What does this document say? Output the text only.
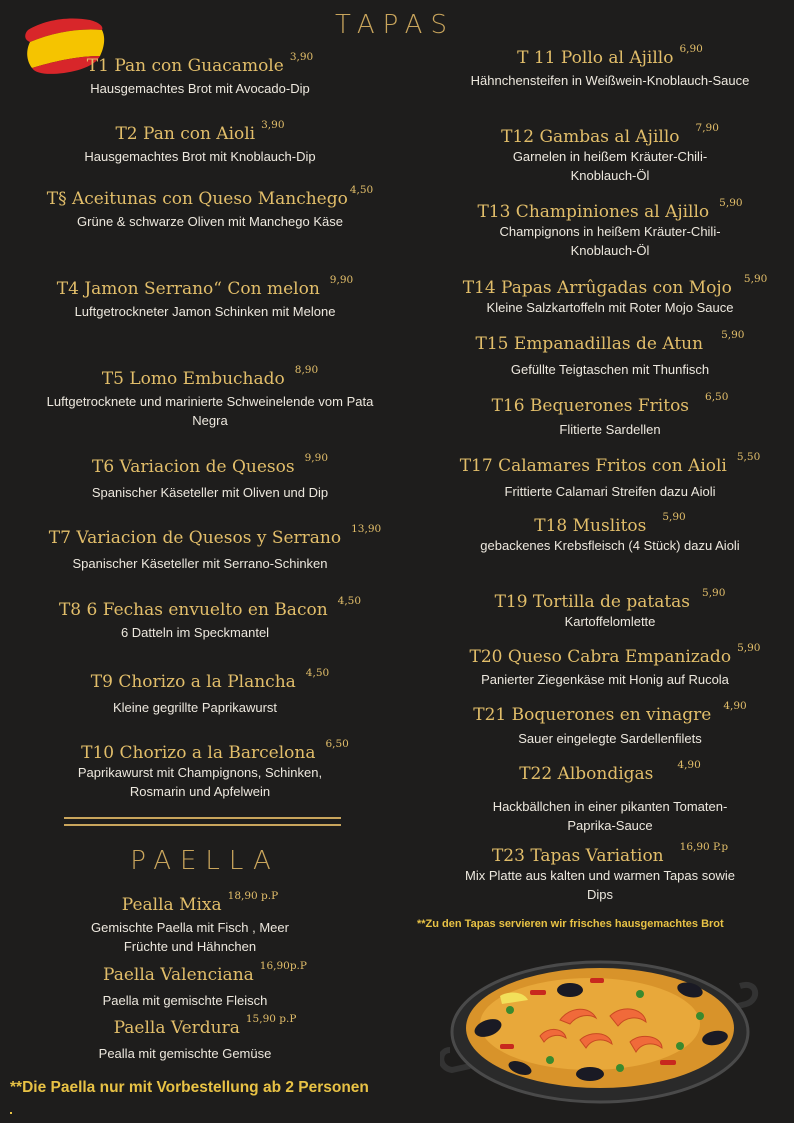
TAPAS
T1 Pan con Guacamole $^{3,90}$
Hausgemachtes Brot mit Avocado-Dip
T2 Pan con Aioli $^{3,90}$
Hausgemachtes Brot mit Knoblauch-Dip
T§ Aceitunas con Queso Manchego $^{4,50}$
Grüne & schwarze Oliven mit Manchego Käse
T4 Jamon Serrano“ Con melon $^{9,90}$
Luftgetrockneter Jamon Schinken mit Melone
T5 Lomo Embuchado $^{8,90}$
Luftgetrocknete und marinierte Schweinelende vom Pata Negra
T6 Variacion de Quesos $^{9,90}$
Spanischer Käseteller mit Oliven und Dip
T7 Variacion de Quesos y Serrano $^{13,90}$
Spanischer Käseteller mit Serrano-Schinken
T8 6 Fechas envuelto en Bacon $^{4,50}$
6 Datteln im Speckmantel
T9 Chorizo a la Plancha $^{4,50}$
Kleine gegrillte Paprikawurst
T10 Chorizo a la Barcelona $^{6,50}$
Paprikawurst mit Champignons, Schinken, Rosmarin und Apfelwein
PAELLA
Pealla Mixa $^{18,90 p.P}$
Gemischte Paella mit Fisch , Meer Früchte und Hähnchen
Paella Valenciana $^{16,90p.P}$
Paella mit gemischte Fleisch
Paella Verdura $^{15,90 p.P}$
Pealla mit gemischte Gemüse
**Die Paella nur mit Vorbestellung ab 2 Personen
T 11 Pollo al Ajillo $^{6,90}$
Hähnchensteifen in Weißwein-Knoblauch-Sauce
T12 Gambas al Ajillo $^{7,90}$
Garnelen in heißem Kräuter-Chili-Knoblauch-Öl
T13 Champiniones al Ajillo $^{5,90}$
Champignons in heißem Kräuter-Chili-Knoblauch-Öl
T14 Papas Arrûgadas con Mojo $^{5,90}$
Kleine Salzkartoffeln mit Roter Mojo Sauce
T15 Empanadillas de Atun $^{5,90}$
Gefüllte Teigtaschen mit Thunfisch
T16 Bequerones Fritos $^{6,50}$
Flitierte Sardellen
T17 Calamares Fritos con Aioli $^{5,50}$
Frittierte Calamari Streifen dazu Aioli
T18 Muslitos $^{5,90}$
gebackenes Krebsfleisch (4 Stück) dazu Aioli
T19 Tortilla de patatas $^{5,90}$
Kartoffelomlette
T20 Queso Cabra Empanizado $^{5,90}$
Panierter Ziegenkäse mit Honig auf Rucola
T21 Boquerones en vinagre $^{4,90}$
Sauer eingelegte Sardellenfilets
T22 Albondigas $^{4,90}$
Hackbällchen in einer pikanten Tomaten-Paprika-Sauce
T23 Tapas Variation $^{16,90 P.p}$
Mix Platte aus kalten und warmen Tapas sowie Dips
**Zu den Tapas servieren wir frisches hausgemachtes Brot
